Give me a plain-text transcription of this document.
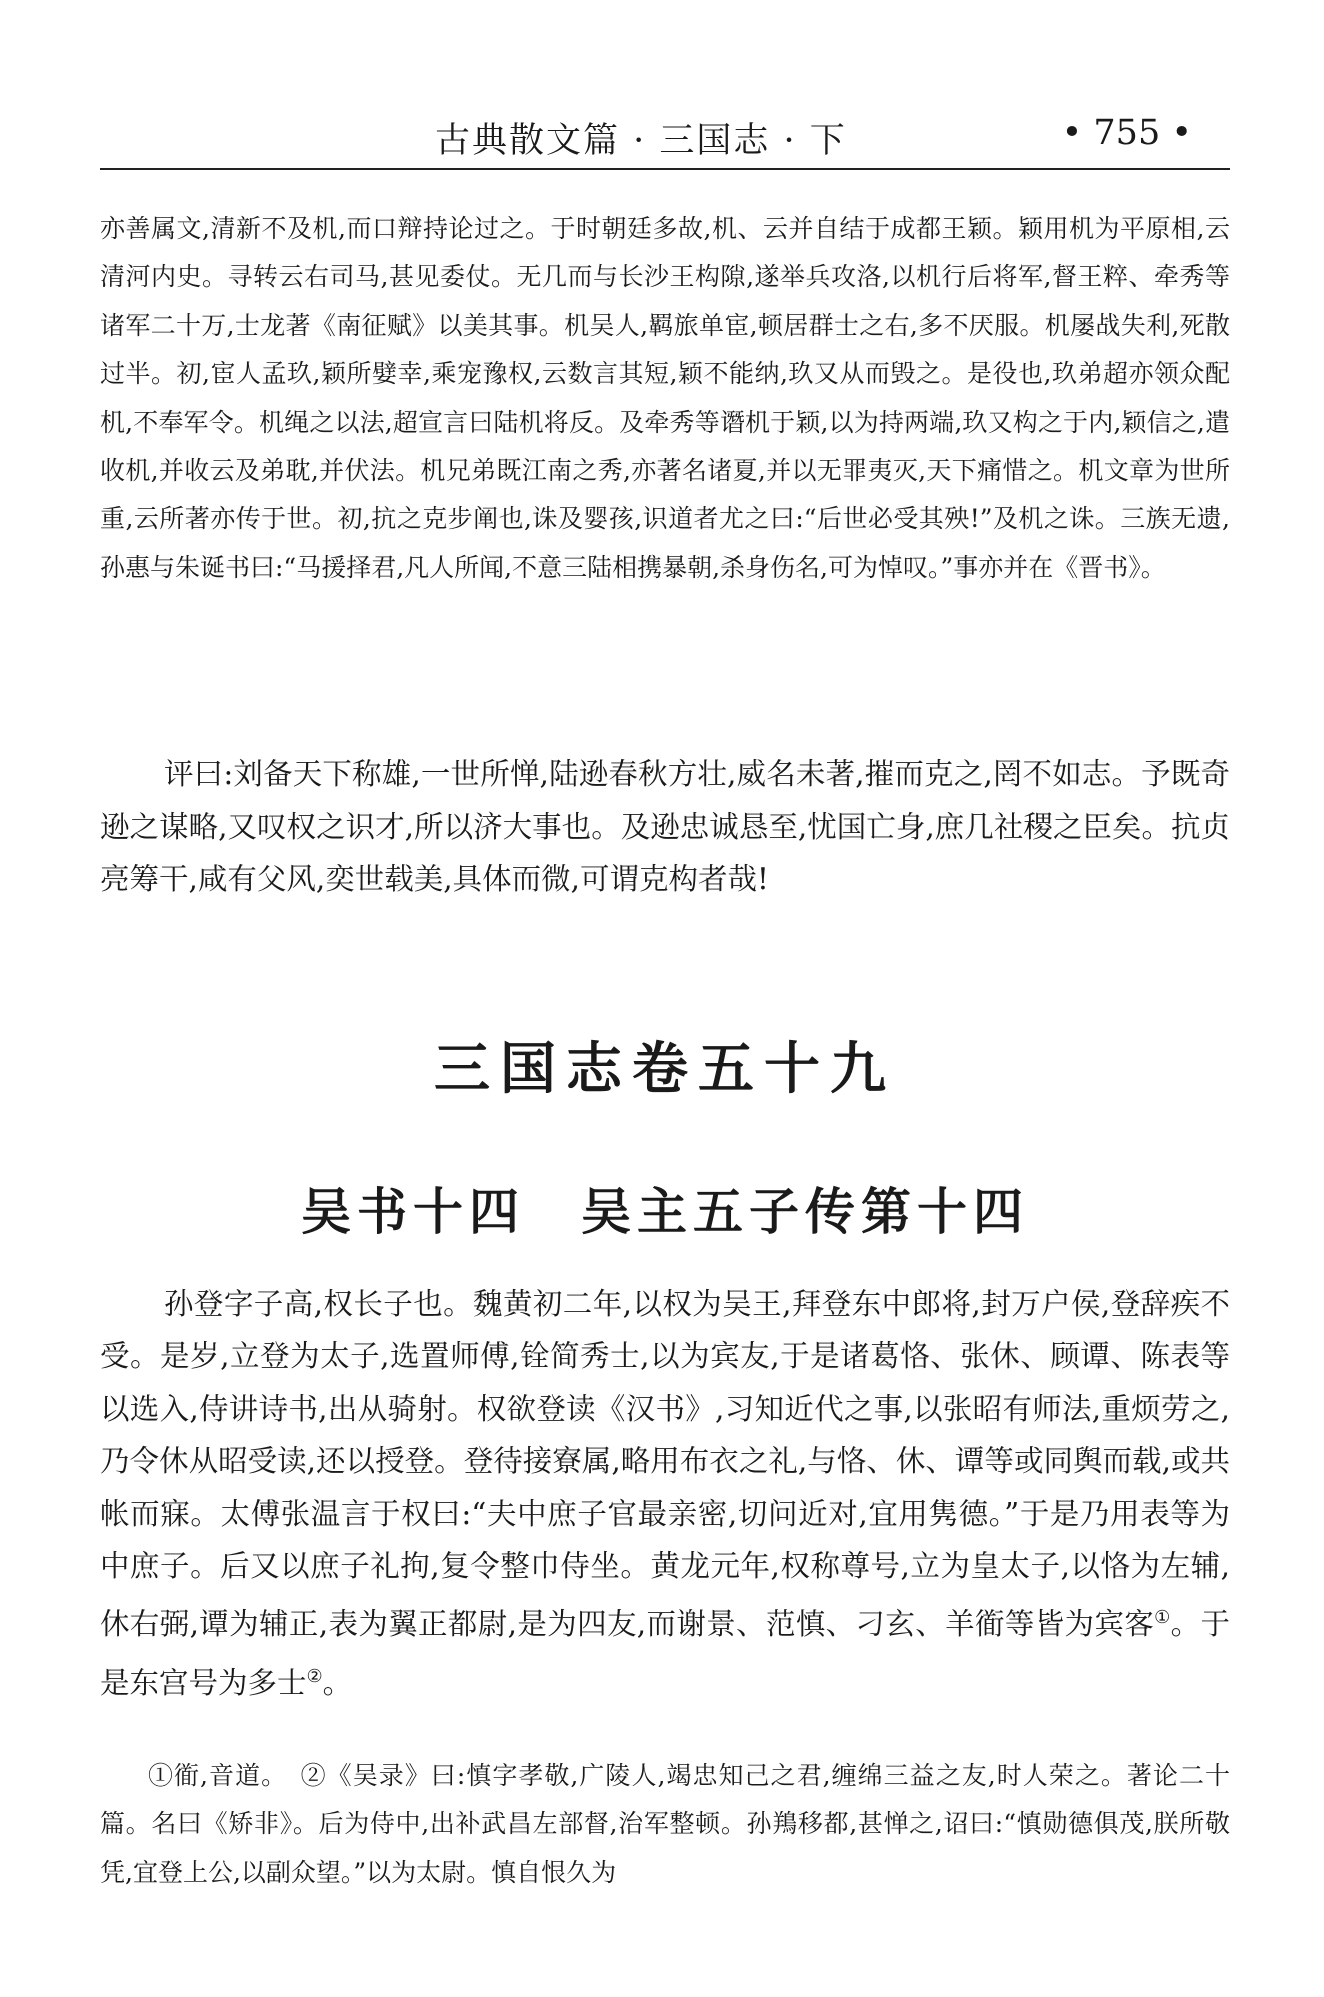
古典散文篇 · 三国志 · 下	• 755 •

亦善属文,清新不及机,而口辩持论过之。于时朝廷多故,机、云并自结于成都王颖。颖用机为平原相,云清河内史。寻转云右司马,甚见委仗。无几而与长沙王构隙,遂举兵攻洛,以机行后将军,督王粹、牵秀等诸军二十万,士龙著《南征赋》以美其事。机吴人,羁旅单宦,顿居群士之右,多不厌服。机屡战失利,死散过半。初,宦人孟玖,颖所嬖幸,乘宠豫权,云数言其短,颖不能纳,玖又从而毁之。是役也,玖弟超亦领众配机,不奉军令。机绳之以法,超宣言曰陆机将反。及牵秀等谮机于颖,以为持两端,玖又构之于内,颖信之,遣收机,并收云及弟耽,并伏法。机兄弟既江南之秀,亦著名诸夏,并以无罪夷灭,天下痛惜之。机文章为世所重,云所著亦传于世。初,抗之克步阐也,诛及婴孩,识道者尤之曰:“后世必受其殃!”及机之诛。三族无遗,孙惠与朱诞书曰:“马援择君,凡人所闻,不意三陆相携暴朝,杀身伤名,可为悼叹。”事亦并在《晋书》。

评曰:刘备天下称雄,一世所惮,陆逊春秋方壮,威名未著,摧而克之,罔不如志。予既奇逊之谋略,又叹权之识才,所以济大事也。及逊忠诚恳至,忧国亡身,庶几社稷之臣矣。抗贞亮筹干,咸有父风,奕世载美,具体而微,可谓克构者哉!

三国志卷五十九
吴书十四　吴主五子传第十四

孙登字子高,权长子也。魏黄初二年,以权为吴王,拜登东中郎将,封万户侯,登辞疾不受。是岁,立登为太子,选置师傅,铨简秀士,以为宾友,于是诸葛恪、张休、顾谭、陈表等以选入,侍讲诗书,出从骑射。权欲登读《汉书》,习知近代之事,以张昭有师法,重烦劳之,乃令休从昭受读,还以授登。登待接寮属,略用布衣之礼,与恪、休、谭等或同舆而载,或共帐而寐。太傅张温言于权曰:“夫中庶子官最亲密,切问近对,宜用隽德。”于是乃用表等为中庶子。后又以庶子礼拘,复令整巾侍坐。黄龙元年,权称尊号,立为皇太子,以恪为左辅,休右弼,谭为辅正,表为翼正都尉,是为四友,而谢景、范慎、刁玄、羊衜等皆为宾客①。于是东宫号为多士②。

①衜,音道。　②《吴录》曰:慎字孝敬,广陵人,竭忠知己之君,缠绵三益之友,时人荣之。著论二十篇。名曰《矫非》。后为侍中,出补武昌左部督,治军整顿。孙鴹移都,甚惮之,诏曰:“慎勋德俱茂,朕所敬凭,宜登上公,以副众望。”以为太尉。慎自恨久为
